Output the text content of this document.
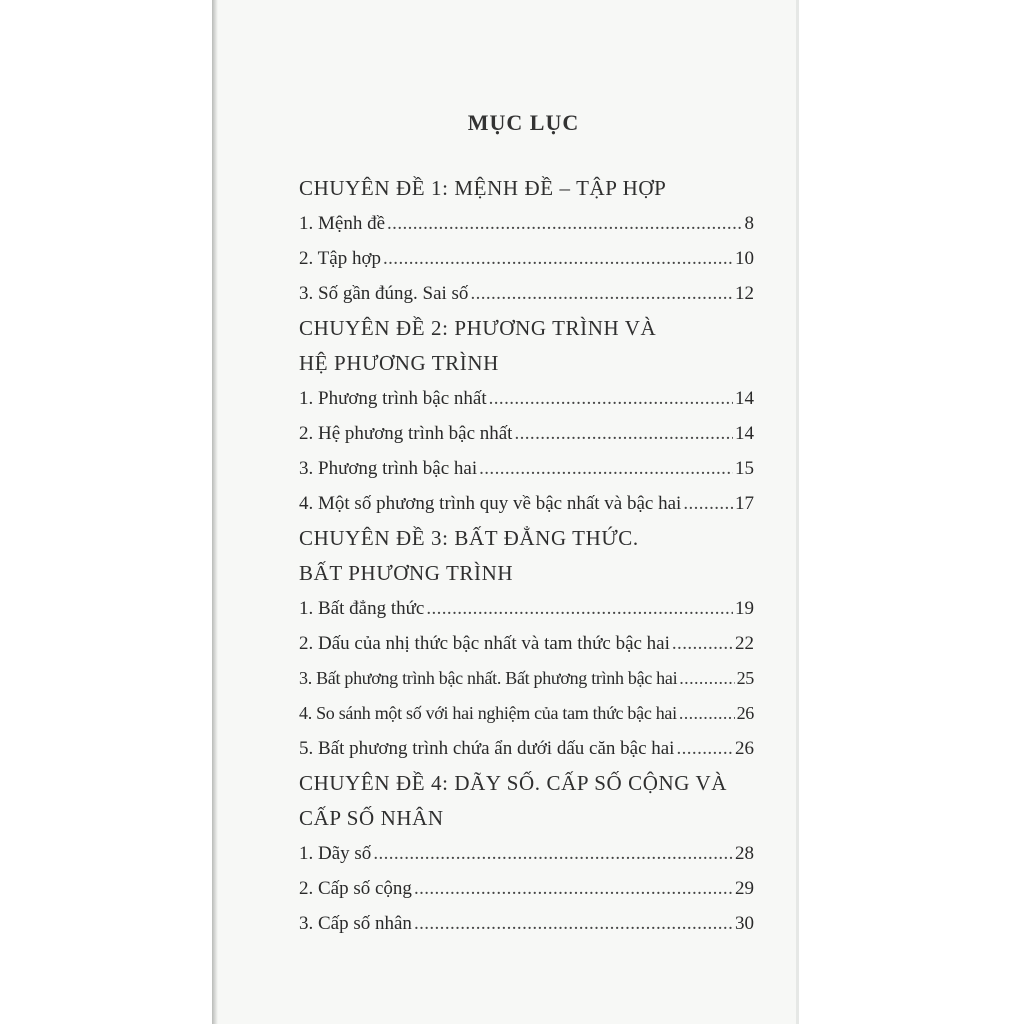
MỤC LỤC
CHUYÊN ĐỀ 1: MỆNH ĐỀ – TẬP HỢP
1. Mệnh đề .....	8
2. Tập hợp .....	10
3. Số gần đúng. Sai số .....	12
CHUYÊN ĐỀ 2: PHƯƠNG TRÌNH VÀ
HỆ PHƯƠNG TRÌNH
1. Phương trình bậc nhất .....	14
2. Hệ phương trình bậc nhất .....	14
3. Phương trình bậc hai .....	15
4. Một số phương trình quy về bậc nhất và bậc hai .....	17
CHUYÊN ĐỀ 3: BẤT ĐẲNG THỨC.
BẤT PHƯƠNG TRÌNH
1. Bất đẳng thức .....	19
2. Dấu của nhị thức bậc nhất và tam thức bậc hai .....	22
3. Bất phương trình bậc nhất. Bất phương trình bậc hai .....	25
4. So sánh một số với hai nghiệm của tam thức bậc hai .....	26
5. Bất phương trình chứa ẩn dưới dấu căn bậc hai .....	26
CHUYÊN ĐỀ 4: DÃY SỐ. CẤP SỐ CỘNG VÀ
CẤP SỐ NHÂN
1. Dãy số .....	28
2. Cấp số cộng .....	29
3. Cấp số nhân .....	30
